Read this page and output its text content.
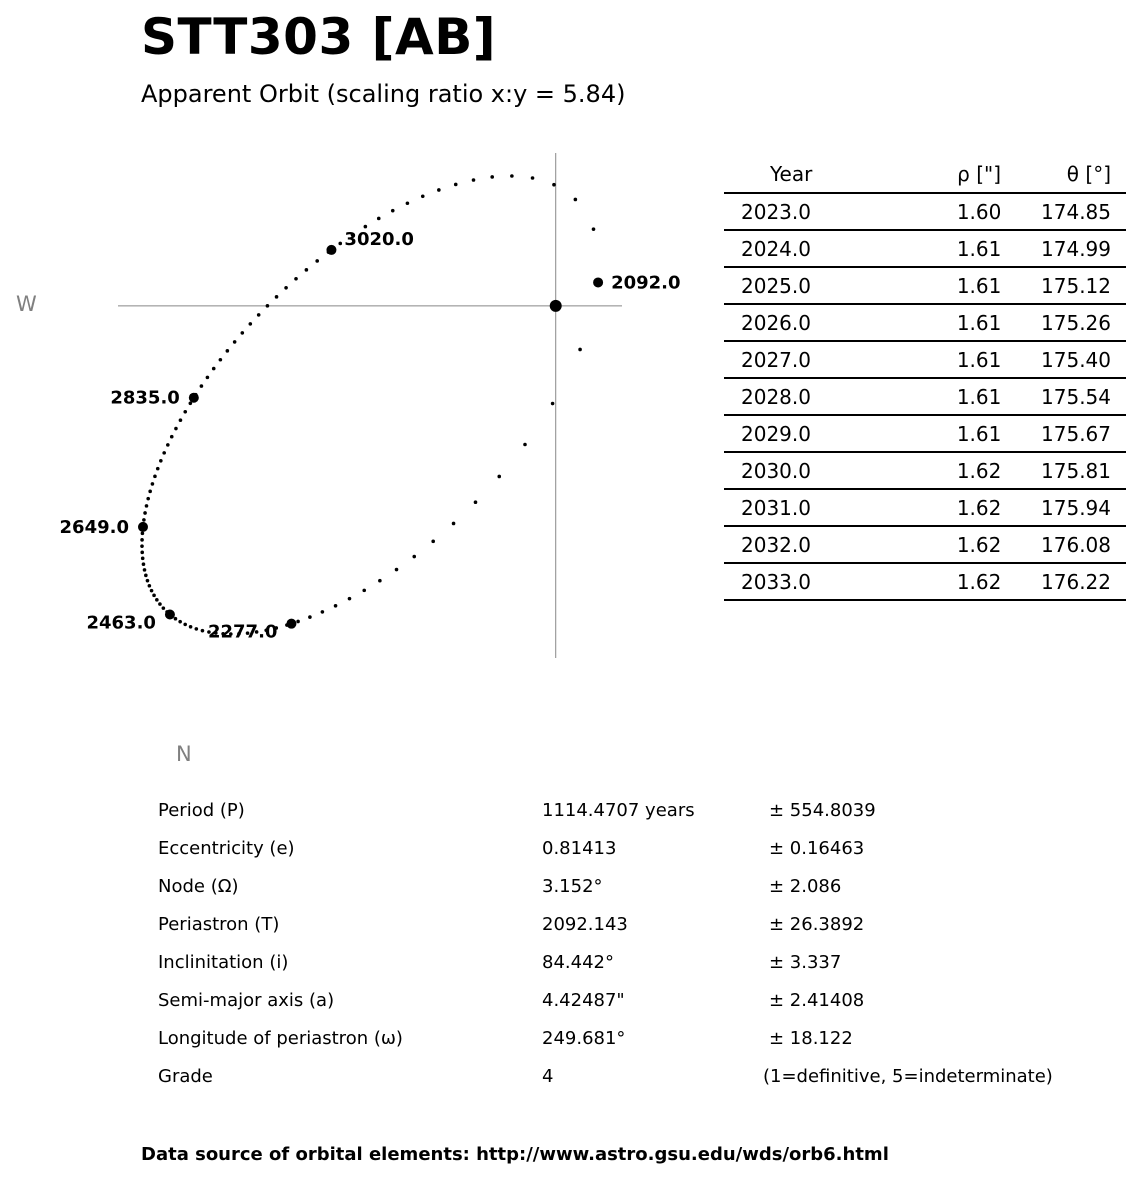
STT303 [AB]
Apparent Orbit (scaling ratio x:y = 5.84)
2092.0
2277.0
2463.0
2649.0
2835.0
3020.0
W
N
Year	ρ ["]	θ [°]
2023.0	1.60	174.85
2024.0	1.61	174.99
2025.0	1.61	175.12
2026.0	1.61	175.26
2027.0	1.61	175.40
2028.0	1.61	175.54
2029.0	1.61	175.67
2030.0	1.62	175.81
2031.0	1.62	175.94
2032.0	1.62	176.08
2033.0	1.62	176.22
Period (P)	1114.4707 years	± 554.8039
Eccentricity (e)	0.81413	± 0.16463
Node (Ω)	3.152°	± 2.086
Periastron (T)	2092.143	± 26.3892
Inclinitation (i)	84.442°	± 3.337
Semi-major axis (a)	4.42487"	± 2.41408
Longitude of periastron (ω)	249.681°	± 18.122
Grade	4	(1=definitive, 5=indeterminate)
Data source of orbital elements: http://www.astro.gsu.edu/wds/orb6.html
